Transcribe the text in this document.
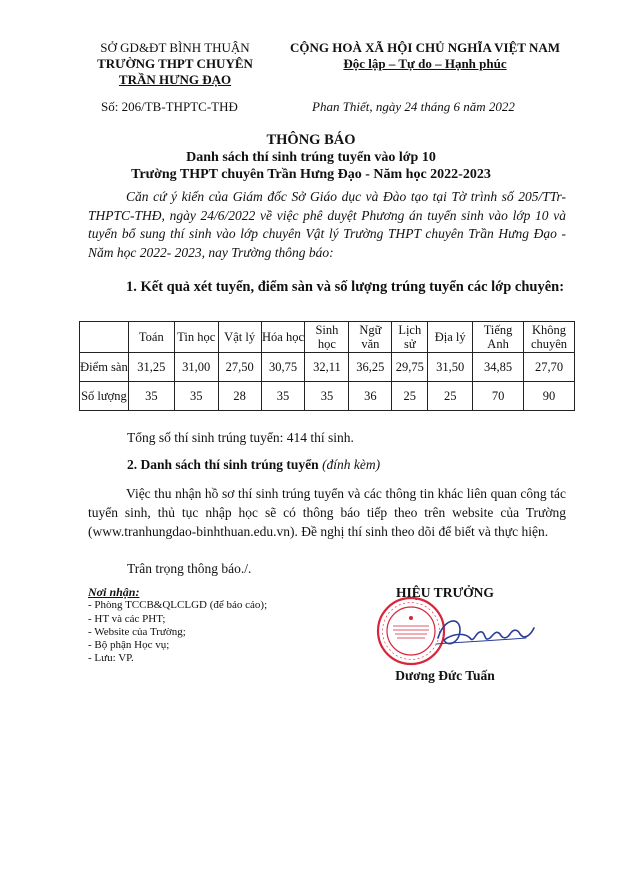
SỞ GD&ĐT BÌNH THUẬN
TRƯỜNG THPT CHUYÊN
TRẦN HƯNG ĐẠO
CỘNG HOÀ XÃ HỘI CHỦ NGHĨA VIỆT NAM
Độc lập – Tự do – Hạnh phúc
Số: 206/TB-THPTC-THĐ	Phan Thiết, ngày 24 tháng 6 năm 2022
THÔNG BÁO
Danh sách thí sinh trúng tuyển vào lớp 10
Trường THPT chuyên Trần Hưng Đạo - Năm học 2022-2023
Căn cứ ý kiến của Giám đốc Sở Giáo dục và Đào tạo tại Tờ trình số 205/TTr-THPTC-THĐ, ngày 24/6/2022 về việc phê duyệt Phương án tuyển sinh vào lớp 10 và tuyển bổ sung thí sinh vào lớp chuyên Vật lý Trường THPT chuyên Trần Hưng Đạo - Năm học 2022- 2023, nay Trường thông báo:
1. Kết quả xét tuyển, điểm sàn và số lượng trúng tuyển các lớp chuyên:
	Toán	Tin học	Vật lý	Hóa học	Sinh học	Ngữ văn	Lịch sử	Địa lý	Tiếng Anh	Không chuyên
Điểm sàn	31,25	31,00	27,50	30,75	32,11	36,25	29,75	31,50	34,85	27,70
Số lượng	35	35	28	35	35	36	25	25	70	90
Tổng số thí sinh trúng tuyển: 414 thí sinh.
2. Danh sách thí sinh trúng tuyển (đính kèm)
Việc thu nhận hồ sơ thí sinh trúng tuyển và các thông tin khác liên quan công tác tuyển sinh, thủ tục nhập học sẽ có thông báo tiếp theo trên website của Trường (www.tranhungdao-binhthuan.edu.vn). Đề nghị thí sinh theo dõi để biết và thực hiện.
Trân trọng thông báo./.
Nơi nhận:
- Phòng TCCB&QLCLGD (để báo cáo);
- HT và các PHT;
- Website của Trường;
- Bộ phận Học vụ;
- Lưu: VP.
HIỆU TRƯỞNG
Dương Đức Tuấn
